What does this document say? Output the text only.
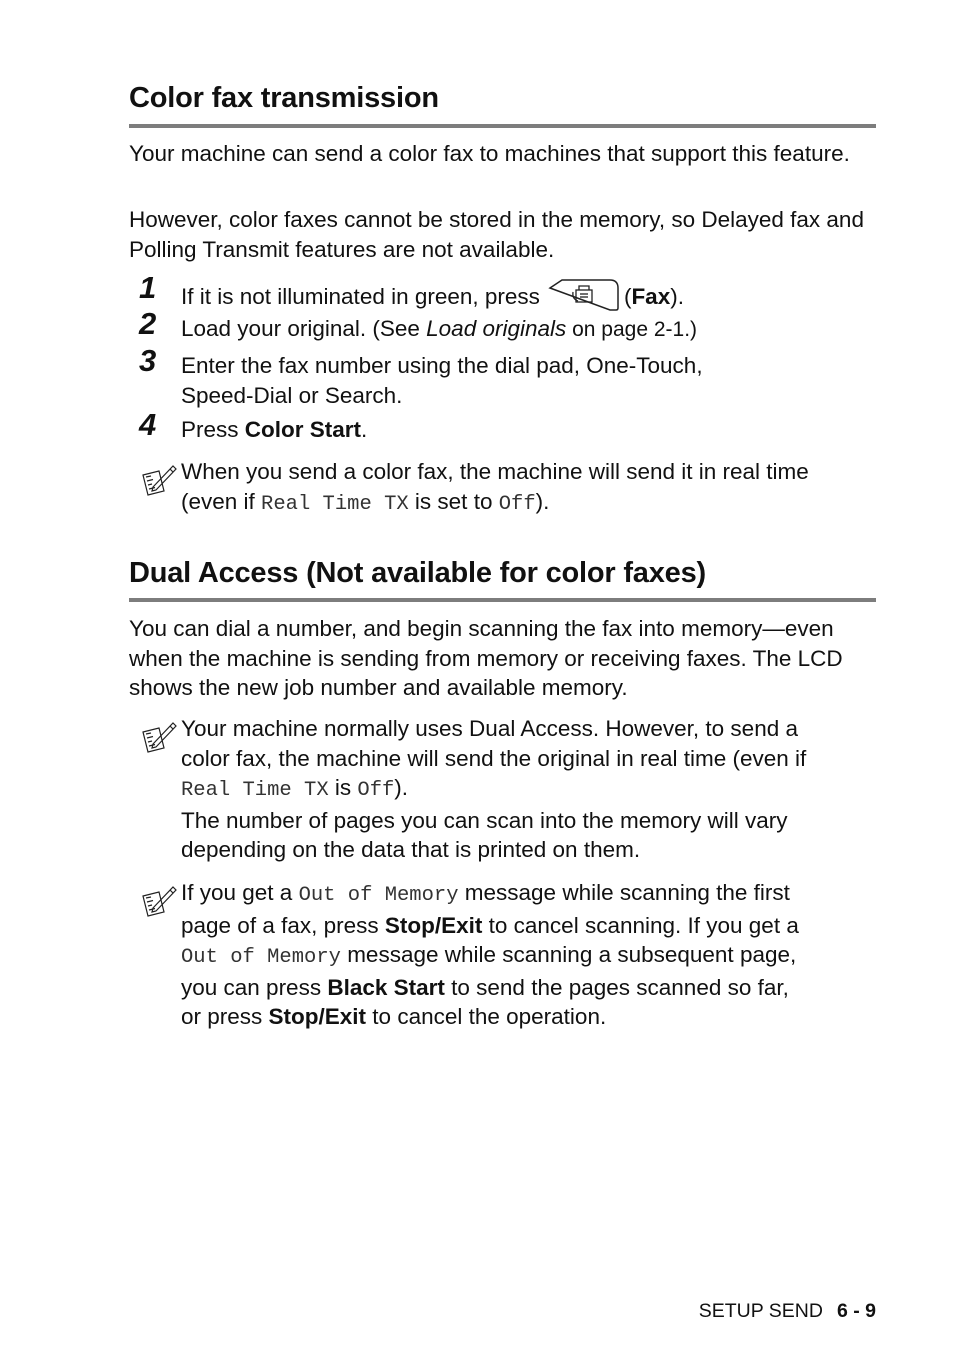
Color fax transmission

Your machine can send a color fax to machines that support this feature.

However, color faxes cannot be stored in the memory, so Delayed fax and Polling Transmit features are not available.

1 If it is not illuminated in green, press	(Fax).
2 Load your original. (See Load originals on page 2-1.)
3 Enter the fax number using the dial pad, One-Touch,
Speed-Dial or Search.
4 Press Color Start.
When you send a color fax, the machine will send it in real time
(even if Real Time TX is set to Off).
Dual Access (Not available for color faxes)

You can dial a number, and begin scanning the fax into memory—even when the machine is sending from memory or receiving faxes. The LCD shows the new job number and available memory.

Your machine normally uses Dual Access. However, to send a
color fax, the machine will send the original in real time (even if
Real Time TX is Off).
The number of pages you can scan into the memory will vary
depending on the data that is printed on them.
If you get a Out of Memory message while scanning the first
page of a fax, press Stop/Exit to cancel scanning. If you get a
Out of Memory message while scanning a subsequent page,
you can press Black Start to send the pages scanned so far,
or press Stop/Exit to cancel the operation.
SETUP SEND 6 - 9
